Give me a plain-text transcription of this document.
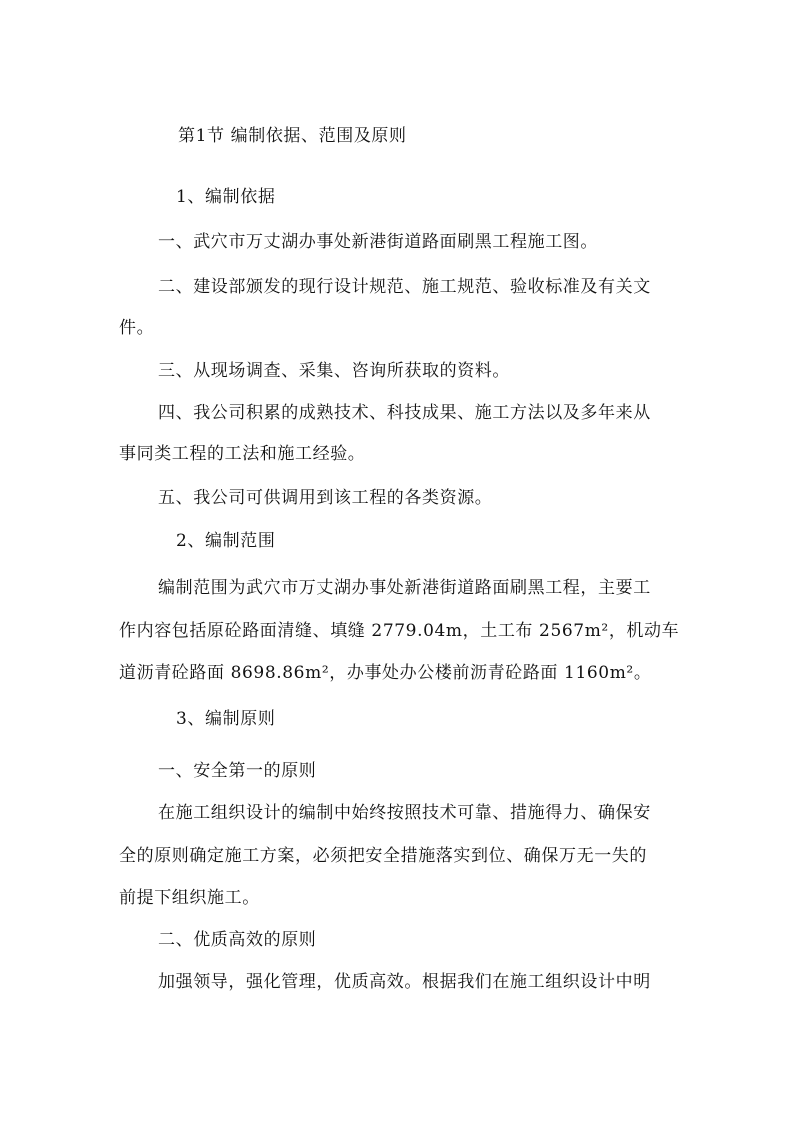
第1节 编制依据、范围及原则
1、编制依据
一、武穴市万丈湖办事处新港街道路面刷黑工程施工图。
二、建设部颁发的现行设计规范、施工规范、验收标准及有关文
件。
三、从现场调查、采集、咨询所获取的资料。
四、我公司积累的成熟技术、科技成果、施工方法以及多年来从
事同类工程的工法和施工经验。
五、我公司可供调用到该工程的各类资源。
2、编制范围
编制范围为武穴市万丈湖办事处新港街道路面刷黑工程，主要工
作内容包括原砼路面清缝、填缝 2779.04m，土工布 2567m²，机动车
道沥青砼路面 8698.86m²，办事处办公楼前沥青砼路面 1160m²。
3、编制原则
一、安全第一的原则
在施工组织设计的编制中始终按照技术可靠、措施得力、确保安
全的原则确定施工方案，必须把安全措施落实到位、确保万无一失的
前提下组织施工。
二、优质高效的原则
加强领导，强化管理，优质高效。根据我们在施工组织设计中明
